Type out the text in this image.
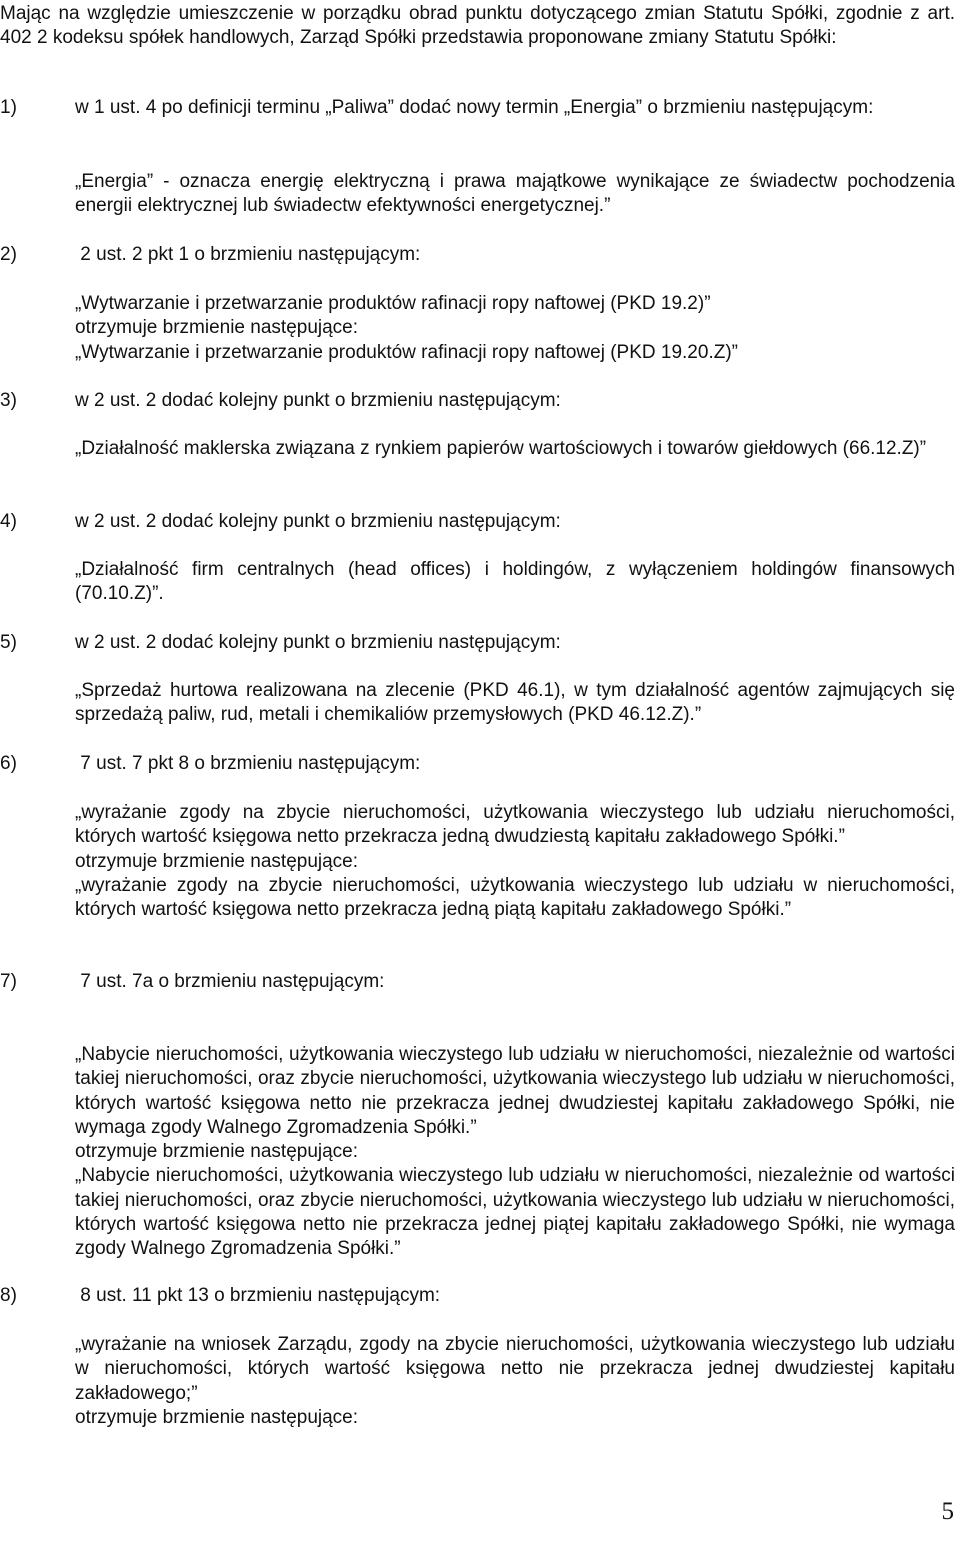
Mając na względzie umieszczenie w porządku obrad punktu dotyczącego zmian Statutu Spółki, zgodnie z art. 402 2 kodeksu spółek handlowych, Zarząd Spółki przedstawia proponowane zmiany Statutu Spółki:

1)	w 1 ust. 4 po definicji terminu „Paliwa” dodać nowy termin „Energia” o brzmieniu następującym:

„Energia” - oznacza energię elektryczną i prawa majątkowe wynikające ze świadectw pochodzenia energii elektrycznej lub świadectw efektywności energetycznej.”

2)	2 ust. 2 pkt 1 o brzmieniu następującym:

„Wytwarzanie i przetwarzanie produktów rafinacji ropy naftowej (PKD 19.2)”

otrzymuje brzmienie następujące:

„Wytwarzanie i przetwarzanie produktów rafinacji ropy naftowej (PKD 19.20.Z)”

3)	w 2 ust. 2 dodać kolejny punkt o brzmieniu następującym:

„Działalność maklerska związana z rynkiem papierów wartościowych i towarów giełdowych (66.12.Z)”

4)	w 2 ust. 2 dodać kolejny punkt o brzmieniu następującym:

„Działalność firm centralnych (head offices) i holdingów, z wyłączeniem holdingów finansowych (70.10.Z)”.

5)	w 2 ust. 2 dodać kolejny punkt o brzmieniu następującym:

„Sprzedaż hurtowa realizowana na zlecenie (PKD 46.1), w tym działalność agentów zajmujących się sprzedażą paliw, rud, metali i chemikaliów przemysłowych (PKD 46.12.Z).”

6)	7 ust. 7 pkt 8 o brzmieniu następującym:

„wyrażanie zgody na zbycie nieruchomości, użytkowania wieczystego lub udziału nieruchomości, których wartość księgowa netto przekracza jedną dwudziestą kapitału zakładowego Spółki.”

otrzymuje brzmienie następujące:

„wyrażanie zgody na zbycie nieruchomości, użytkowania wieczystego lub udziału w nieruchomości, których wartość księgowa netto przekracza jedną piątą kapitału zakładowego Spółki.”

7)	7 ust. 7a o brzmieniu następującym:

„Nabycie nieruchomości, użytkowania wieczystego lub udziału w nieruchomości, niezależnie od wartości takiej nieruchomości, oraz zbycie nieruchomości, użytkowania wieczystego lub udziału w nieruchomości, których wartość księgowa netto nie przekracza jednej dwudziestej kapitału zakładowego Spółki, nie wymaga zgody Walnego Zgromadzenia Spółki.”

otrzymuje brzmienie następujące:

„Nabycie nieruchomości, użytkowania wieczystego lub udziału w nieruchomości, niezależnie od wartości takiej nieruchomości, oraz zbycie nieruchomości, użytkowania wieczystego lub udziału w nieruchomości, których wartość księgowa netto nie przekracza jednej piątej kapitału zakładowego Spółki, nie wymaga zgody Walnego Zgromadzenia Spółki.”

8)	8 ust. 11 pkt 13 o brzmieniu następującym:

„wyrażanie na wniosek Zarządu, zgody na zbycie nieruchomości, użytkowania wieczystego lub udziału w nieruchomości, których wartość księgowa netto nie przekracza jednej dwudziestej kapitału zakładowego;”

otrzymuje brzmienie następujące:

5
